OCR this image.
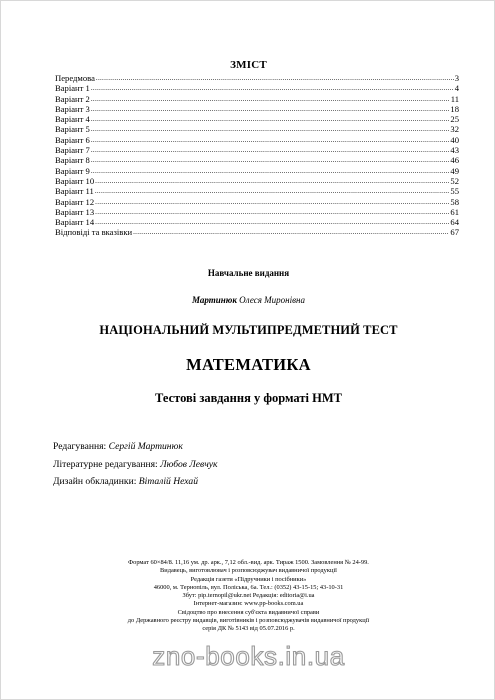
ЗМІСТ
Передмова .....	3
Варіант 1 .....	4
Варіант 2 .....	11
Варіант 3 .....	18
Варіант 4 .....	25
Варіант 5 .....	32
Варіант 6 .....	40
Варіант 7 .....	43
Варіант 8 .....	46
Варіант 9 .....	49
Варіант 10 .....	52
Варіант 11 .....	55
Варіант 12 .....	58
Варіант 13 .....	61
Варіант 14 .....	64
Відповіді та вказівки .....	67
Навчальне видання
Мартинюк Олеся Миронівна
НАЦІОНАЛЬНИЙ МУЛЬТИПРЕДМЕТНИЙ ТЕСТ
МАТЕМАТИКА
Тестові завдання у форматі НМТ
Редагування: Сергій Мартинюк
Літературне редагування: Любов Левчук
Дизайн обкладинки: Віталій Нехай
Формат 60×84/8. 11,16 ум. др. арк., 7,12 обл.-вид. арк. Тираж 1500. Замовлення № 24-99.
Видавець, виготовлювач і розповсюджувач видавничої продукції
Редакція газети «Підручники і посібники»
46000, м. Тернопіль, вул. Поліська, 6а. Тел.: (0352) 43-15-15; 43-10-31
Збут: pip.ternopil@ukr.net Редакція: editoria@i.ua
Інтернет-магазин: www.pp-books.com.ua
Свідоцтво про внесення суб'єкта видавничої справи
до Державного реєстру видавців, виготівників і розповсюджувачів видавничої продукції
серія ДК № 5143 від 05.07.2016 р.
zno-books.in.ua
